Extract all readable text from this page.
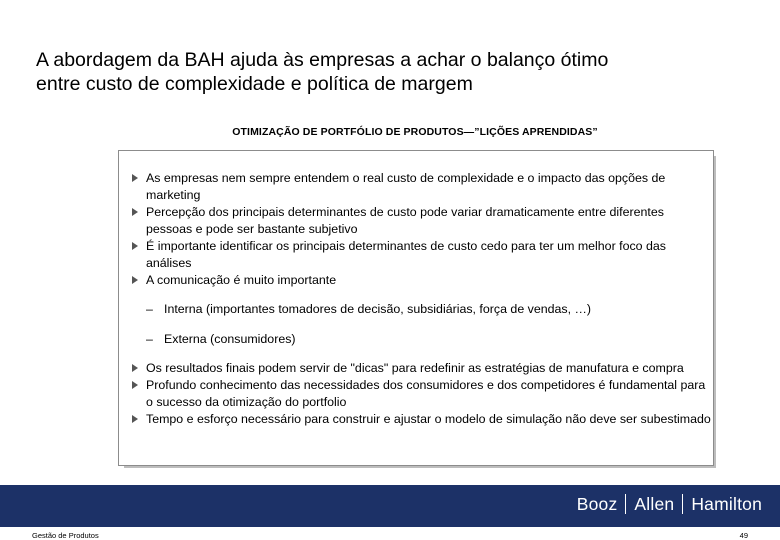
A abordagem da BAH ajuda às empresas a achar o balanço ótimo
entre custo de complexidade e política de margem
OTIMIZAÇÃO DE PORTFÓLIO DE PRODUTOS—”LIÇÕES APRENDIDAS”

As empresas nem sempre entendem o real custo de complexidade e o impacto das opções de marketing

Percepção dos principais determinantes de custo pode variar dramaticamente entre diferentes pessoas e pode ser bastante subjetivo

É importante identificar os principais determinantes de custo cedo para ter um melhor foco das análises

A comunicação é muito importante

– Interna (importantes tomadores de decisão, subsidiárias, força de vendas, …)

– Externa (consumidores)

Os resultados finais podem servir de "dicas" para redefinir as estratégias de manufatura e compra

Profundo conhecimento das necessidades dos consumidores e dos competidores é fundamental para o sucesso da otimização do portfolio

Tempo e esforço necessário para construir e ajustar o modelo de simulação não deve ser subestimado

Booz Allen Hamilton
Gestão de Produtos	49
